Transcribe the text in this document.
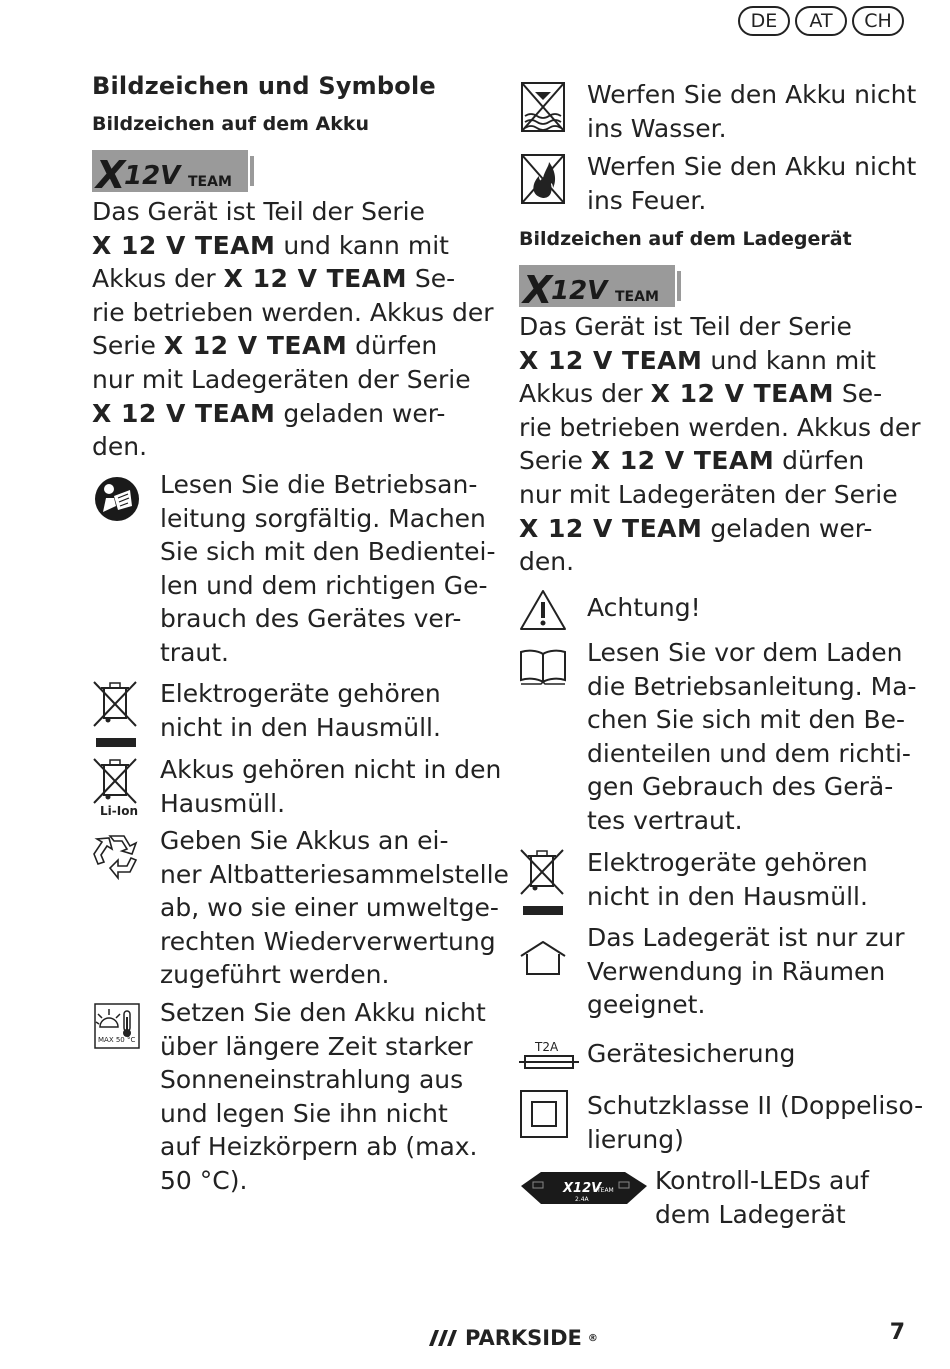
DE	AT	CH
Bildzeichen und Symbole
Bildzeichen auf dem Akku
X
12V TEAM
Das Gerät ist Teil der Serie
X 12 V TEAM und kann mit
Akkus der X 12 V TEAM Se-
rie betrieben werden. Akkus der
Serie X 12 V TEAM dürfen
nur mit Ladegeräten der Serie
X 12 V TEAM geladen wer-
den.
Lesen Sie die Betriebsan-
leitung sorgfältig. Machen
Sie sich mit den Bedientei-
len und dem richtigen Ge-
brauch des Gerätes ver-
traut.
Elektrogeräte gehören
nicht in den Hausmüll.
Li-Ion
Akkus gehören nicht in den
Hausmüll.
Geben Sie Akkus an ei-
ner Altbatteriesammelstelle
ab, wo sie einer umweltge-
rechten Wiederverwertung
zugeführt werden.
MAX 50 °C
Setzen Sie den Akku nicht
über längere Zeit starker
Sonneneinstrahlung aus
und legen Sie ihn nicht
auf Heizkörpern ab (max.
50 °C).
Werfen Sie den Akku nicht
ins Wasser.
Werfen Sie den Akku nicht
ins Feuer.
Bildzeichen auf dem Ladegerät
X
12V TEAM
Das Gerät ist Teil der Serie
X 12 V TEAM und kann mit
Akkus der X 12 V TEAM Se-
rie betrieben werden. Akkus der
Serie X 12 V TEAM dürfen
nur mit Ladegeräten der Serie
X 12 V TEAM geladen wer-
den.
Achtung!
Lesen Sie vor dem Laden
die Betriebsanleitung. Ma-
chen Sie sich mit den Be-
dienteilen und dem richti-
gen Gebrauch des Gerä-
tes vertraut.
Elektrogeräte gehören
nicht in den Hausmüll.
Das Ladegerät ist nur zur
Verwendung in Räumen
geeignet.
T2A Gerätesicherung
Schutzklasse II (Doppeliso-
lierung)
X12V
TEAM
2.4A
Kontroll-LEDs auf
dem Ladegerät
PARKSIDE ®	7
